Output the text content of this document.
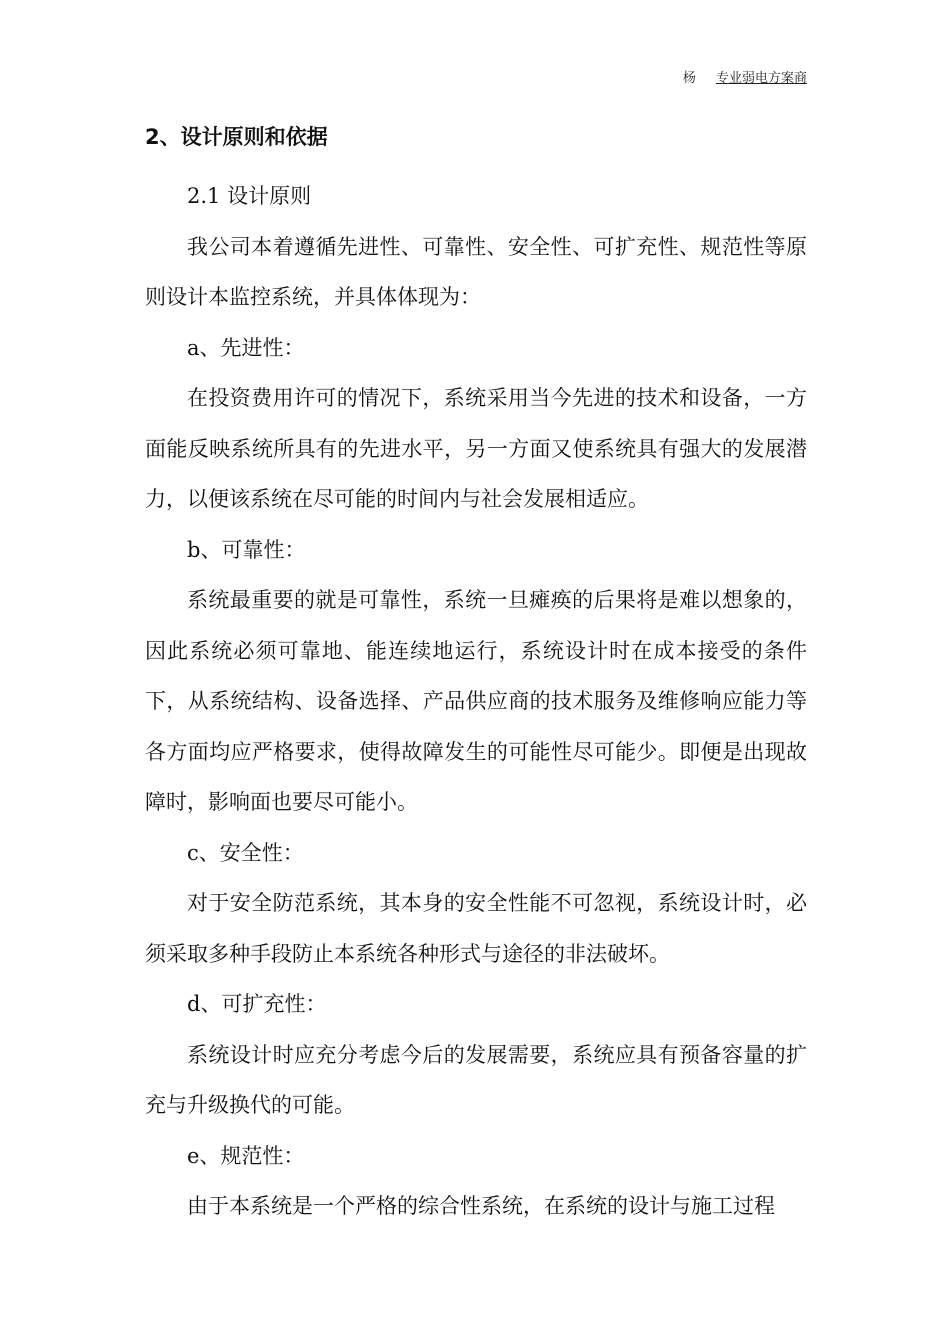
杨 专业弱电方案商
2、设计原则和依据

2.1 设计原则

我公司本着遵循先进性、可靠性、安全性、可扩充性、规范性等原则设计本监控系统，并具体体现为：

a、先进性：

在投资费用许可的情况下，系统采用当今先进的技术和设备，一方面能反映系统所具有的先进水平，另一方面又使系统具有强大的发展潜力，以便该系统在尽可能的时间内与社会发展相适应。

b、可靠性：

系统最重要的就是可靠性，系统一旦瘫痪的后果将是难以想象的，因此系统必须可靠地、能连续地运行，系统设计时在成本接受的条件下，从系统结构、设备选择、产品供应商的技术服务及维修响应能力等各方面均应严格要求，使得故障发生的可能性尽可能少。即便是出现故障时，影响面也要尽可能小。

c、安全性：

对于安全防范系统，其本身的安全性能不可忽视，系统设计时，必须采取多种手段防止本系统各种形式与途径的非法破坏。

d、可扩充性：

系统设计时应充分考虑今后的发展需要，系统应具有预备容量的扩充与升级换代的可能。

e、规范性：

由于本系统是一个严格的综合性系统，在系统的设计与施工过程
